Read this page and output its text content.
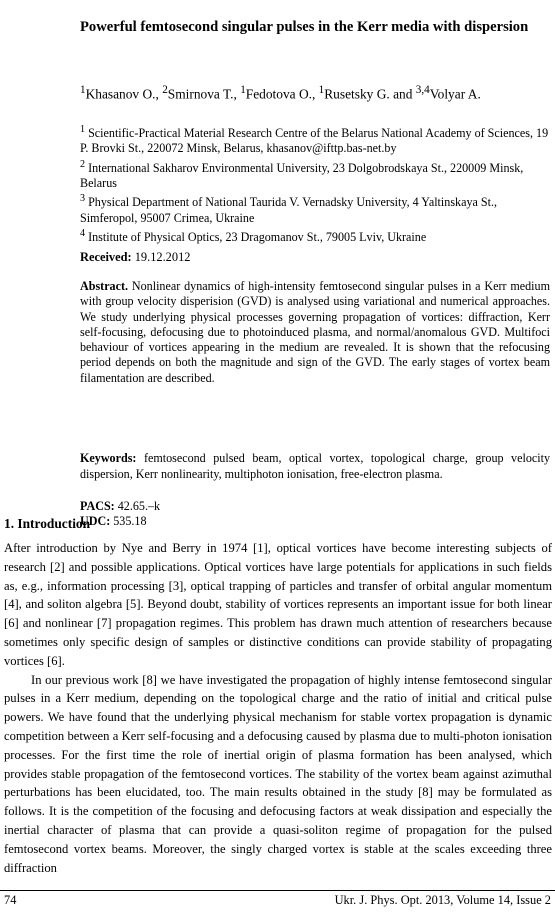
Powerful femtosecond singular pulses in the Kerr media with dispersion
$^1$Khasanov O., $^2$Smirnova T., $^1$Fedotova O., $^1$Rusetsky G. and $^{3,4}$Volyar A.

$^1$ Scientific-Practical Material Research Centre of the Belarus National Academy of Sciences, 19 P. Brovki St., 220072 Minsk, Belarus, khasanov@ifttp.bas-net.by

$^2$ International Sakharov Environmental University, 23 Dolgobrodskaya St., 220009 Minsk, Belarus

$^3$ Physical Department of National Taurida V. Vernadsky University, 4 Yaltinskaya St., Simferopol, 95007 Crimea, Ukraine

$^4$ Institute of Physical Optics, 23 Dragomanov St., 79005 Lviv, Ukraine

Received: 19.12.2012
Abstract. Nonlinear dynamics of high-intensity femtosecond singular pulses in a Kerr medium with group velocity disperision (GVD) is analysed using variational and numerical approaches. We study underlying physical processes governing propagation of vortices: diffraction, Kerr self-focusing, defocusing due to photoinduced plasma, and normal/anomalous GVD. Multifoci behaviour of vortices appearing in the medium are revealed. It is shown that the refocusing period depends on both the magnitude and sign of the GVD. The early stages of vortex beam filamentation are described.
Keywords: femtosecond pulsed beam, optical vortex, topological charge, group velocity dispersion, Kerr nonlinearity, multiphoton ionisation, free-electron plasma.
PACS: 42.65.–k
UDC: 535.18
1. Introduction

After introduction by Nye and Berry in 1974 [1], optical vortices have become interesting subjects of research [2] and possible applications. Optical vortices have large potentials for applications in such fields as, e.g., information processing [3], optical trapping of particles and transfer of orbital angular momentum [4], and soliton algebra [5]. Beyond doubt, stability of vortices represents an important issue for both linear [6] and nonlinear [7] propagation regimes. This problem has drawn much attention of researchers because sometimes only specific design of samples or distinctive conditions can provide stability of propagating vortices [6].

In our previous work [8] we have investigated the propagation of highly intense femtosecond singular pulses in a Kerr medium, depending on the topological charge and the ratio of initial and critical pulse powers. We have found that the underlying physical mechanism for stable vortex propagation is dynamic competition between a Kerr self-focusing and a defocusing caused by plasma due to multi-photon ionisation processes. For the first time the role of inertial origin of plasma formation has been analysed, which provides stable propagation of the femtosecond vortices. The stability of the vortex beam against azimuthal perturbations has been elucidated, too. The main results obtained in the study [8] may be formulated as follows. It is the competition of the focusing and defocusing factors at weak dissipation and especially the inertial character of plasma that can provide a quasi-soliton regime of propagation for the pulsed femtosecond vortex beams. Moreover, the singly charged vortex is stable at the scales exceeding three diffraction

74	Ukr. J. Phys. Opt. 2013, Volume 14, Issue 2
